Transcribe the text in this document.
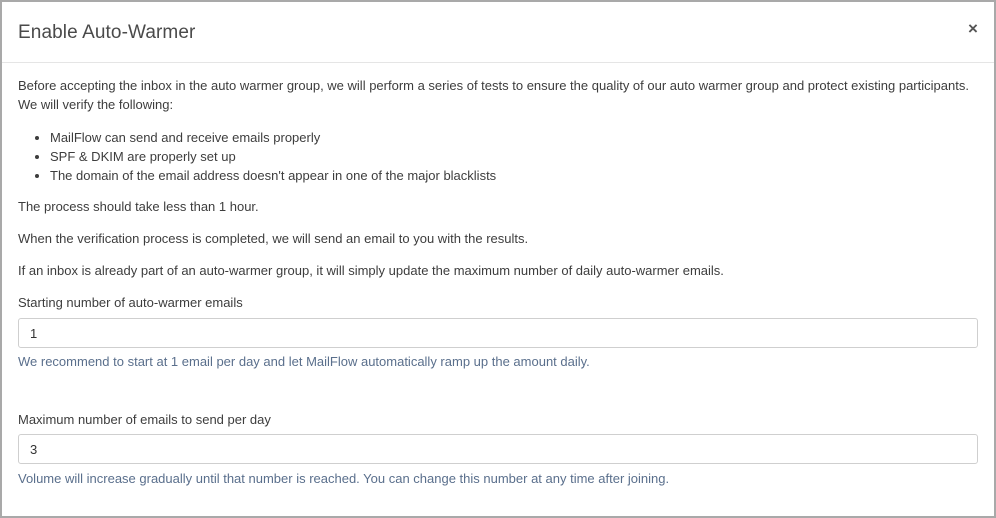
Enable Auto-Warmer	×

Before accepting the inbox in the auto warmer group, we will perform a series of tests to ensure the quality of our auto warmer group and protect existing participants.

We will verify the following:

• MailFlow can send and receive emails properly
• SPF & DKIM are properly set up
• The domain of the email address doesn't appear in one of the major blacklists

The process should take less than 1 hour.

When the verification process is completed, we will send an email to you with the results.

If an inbox is already part of an auto-warmer group, it will simply update the maximum number of daily auto-warmer emails.

Starting number of auto-warmer emails
1

We recommend to start at 1 email per day and let MailFlow automatically ramp up the amount daily.

Maximum number of emails to send per day
3

Volume will increase gradually until that number is reached. You can change this number at any time after joining.
